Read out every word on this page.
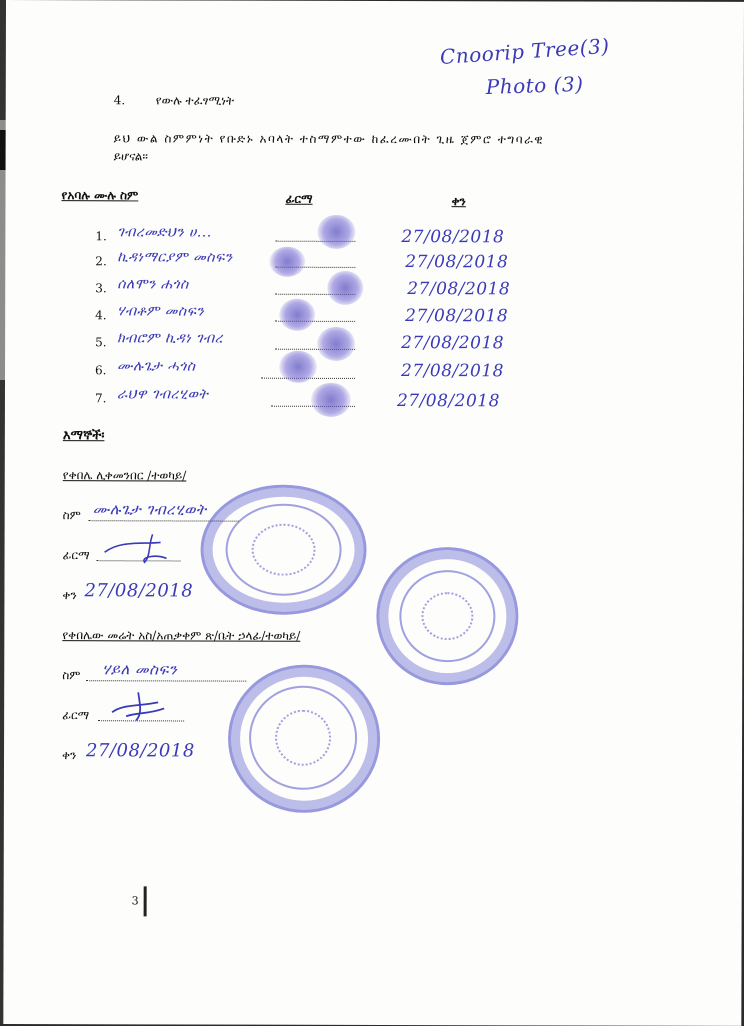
Cnoorip Tree(3)
Photo (3)
4.	የውሉ ተፈፃሚነት
ይህ ውል ስምምነት የቡድኑ አባላት ተስማምተው ከፈረሙበት ጊዜ ጀምሮ ተግባራዊ
ይሆናል፡፡
የአባሉ ሙሉ ስም	ፊርማ	ቀን
1. ገብረመድህን ሀ...	27/08/2018
2. ኪዳነማርያም መስፍን	27/08/2018
3. ሰለሞን ሐጎስ	27/08/2018
4. ሃብቶም መስፍን	27/08/2018
5. ክብሮም ኪዳነ ገብረ	27/08/2018
6. ሙሉጌታ ሓጎስ	27/08/2018
7. ራህዋ ገብረሂወት	27/08/2018
እማኞች፡
የቀበሌ ሊቀመንበር /ተወካይ/
ስም ሙሉጌታ ገብረሂወት
ፊርማ
ቀን 27/08/2018
የቀበሌው መሬት አስ/አጠቃቀም ጽ/ቤት ኃላፊ/ተወካይ/
ስም ሃይለ መስፍን
ፊርማ
ቀን 27/08/2018
3
